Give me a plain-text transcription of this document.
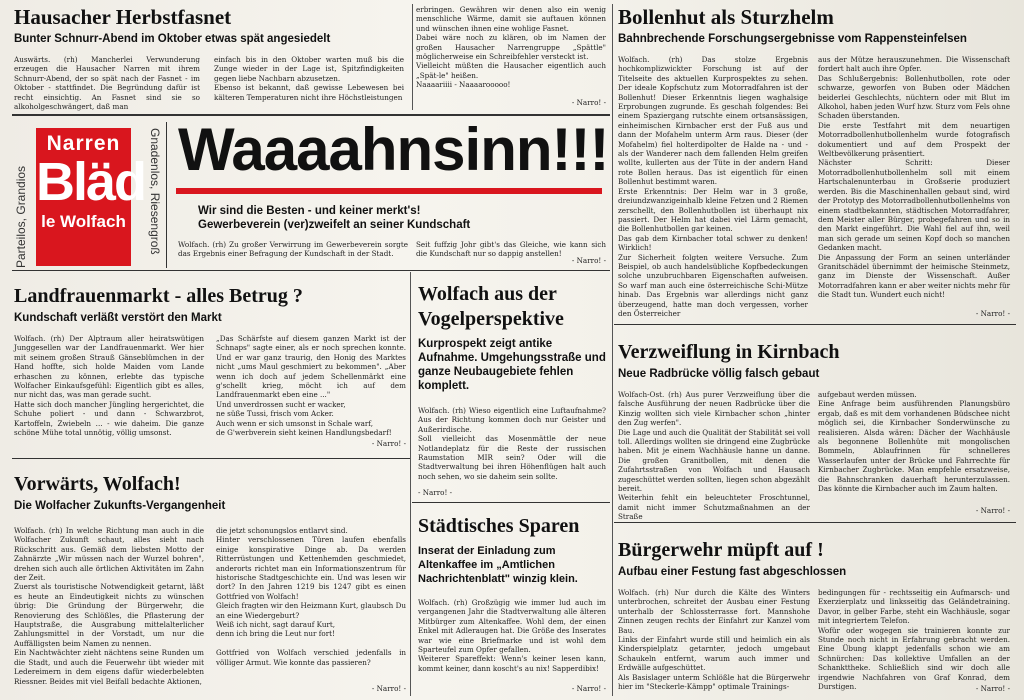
Hausacher Herbstfasnet
Bunter Schnurr-Abend im Oktober etwas spät angesiedelt

Auswärts. (rh) Mancherlei Verwunderung erzeugen die Hausacher Narren mit ihrem Schnurr-Abend, der so spät nach der Fasnet - im Oktober - stattfindet. Die Begründung dafür ist recht einsichtig. An Fasnet sind sie so alkoholgeschwängert, daß man

einfach bis in den Oktober warten muß bis die Zunge wieder in der Lage ist, Spitzfindigkeiten gegen liebe Nachbarn abzusetzen.
Ebenso ist bekannt, daß gewisse Lebewesen bei kälteren Temperaturen nicht ihre Höchstleistungen

erbringen. Gewähren wir denen also ein wenig menschliche Wärme, damit sie auftauen können und wünschen ihnen eine wohlige Fasnet.
Dabei wäre noch zu klären, ob im Namen der großen Hausacher Narrengruppe „Spättle" möglicherweise ein Schreibfehler versteckt ist.
Vielleicht müßten die Hausacher eigentlich auch „Spät-le" heißen.
Naaaariiii - Naaaarooooo!

- Narro! -
Parteilos, Grandios
Narren
Bläd
le Wolfach	Gnadenlos, Riesengroß Waaaahnsinn!!!
Wir sind die Besten - und keiner merkt's!
Gewerbeverein (ver)zweifelt an seiner Kundschaft

Wolfach. (rh) Zu großer Verwirrung im Gewerbeverein sorgte das Ergebnis einer Befragung der Kundschaft in der Stadt.

Seit fuffzig Johr gibt's das Gleiche, wie kann sich die Kundschaft nur so dappig anstellen!

- Narro! -
Landfrauenmarkt - alles Betrug ?
Kundschaft verläßt verstört den Markt

Wolfach. (rh) Der Alptraum aller heiratswütigen Junggesellen war der Landfrauenmarkt. Wer hier mit seinem großen Strauß Gänseblümchen in der Hand hoffte, sich holde Maiden vom Lande erhaschen zu können, erlebte das typische Wolfacher Einkaufsgefühl: Eigentlich gibt es alles, nur nicht das, was man gerade sucht.
Hatte sich doch mancher Jüngling hergerichtet, die Schuhe poliert - und dann - Schwarzbrot, Kartoffeln, Zwiebeln ... - wie daheim. Die ganze schöne Mühe total unnötig, völlig umsonst.

„Das Schärfste auf diesem ganzen Markt ist der Schnaps" sagte einer, als er noch sprechen konnte. Und er war ganz traurig, den Honig des Marktes nicht „ums Maul geschmiert zu bekommen". „Aber wenn ich doch auf jedem Schellenmärkt eine g'schellt krieg, möcht ich auf dem Landfrauenmarkt eben eine ..."
Und unverdrossen sucht er wacker,
ne süße Tussi, frisch vom Acker.
Auch wenn er sich umsonst in Schale warf,
de G'werbverein sieht keinen Handlungsbedarf!

- Narro! -
Vorwärts, Wolfach!
Die Wolfacher Zukunfts-Vergangenheit

Wolfach. (rh) In welche Richtung man auch in die Wolfacher Zukunft schaut, alles sieht nach Rückschritt aus. Gemäß dem liebsten Motto der Zahnärzte „Wir müssen nach der Wurzel bohren", drehen sich auch alle örtlichen Aktivitäten im Zahn der Zeit.
Zuerst als touristische Notwendigkeit getarnt, läßt es heute an Eindeutigkeit nichts zu wünschen übrig: Die Gründung der Bürgerwehr, die Renovierung des Schlößles, die Pflasterung der Hauptstraße, die Ausgrabung mittelalterlicher Zahlungsmittel in der Vorstadt, um nur die Auffälligsten beim Namen zu nennen.
Ein Nachtwächter zieht nächtens seine Runden um die Stadt, und auch die Feuerwehr übt wieder mit Ledereimern in dem eigens dafür wiederbelebten Riessner. Beides mit viel Beifall bedachte Aktionen,

die jetzt schonungslos entlarvt sind.
Hinter verschlossenen Türen laufen ebenfalls einige konspirative Dinge ab. Da werden Ritterrüstungen und Kettenhemden geschmiedet, anderorts richtet man ein Informationszentrum für historische Stadtgeschichte ein. Und was lesen wir dort? In den Jahren 1219 bis 1247 gibt es einen Gottfried von Wolfach!
Gleich fragten wir den Heizmann Kurt, glaubsch Du an eine Wiedergeburt?
Weiß ich nicht, sagt darauf Kurt,
denn ich bring die Leut nur fort!

Gottfried von Wolfach verschied jedenfalls in völliger Armut. Wie konnte das passieren?

- Narro! -
Wolfach aus der Vogelperspektive
Kurprospekt zeigt antike Aufnahme. Umgehungsstraße und ganze Neubaugebiete fehlen komplett.

Wolfach. (rh) Wieso eigentlich eine Luftaufnahme? Aus der Richtung kommen doch nur Geister und Außerirdische.
Soll vielleicht das Mosenmättle der neue Notlandeplatz für die Reste der russischen Raumstation MIR sein? Oder will die Stadtverwaltung bei ihren Höhenflügen halt auch noch sehen, wo sie daheim sein sollte.

- Narro! -
Städtisches Sparen
Inserat der Einladung zum Altenkaffee im „Amtlichen Nachrichtenblatt" winzig klein.

Wolfach. (rh) Großzügig wie immer lud auch im vergangenen Jahr die Stadtverwaltung alle älteren Mitbürger zum Altenkaffee. Wohl dem, der einen Enkel mit Adleraugen hat. Die Größe des Inserates war wie eine Briefmarke und ist wohl dem Sparteufel zum Opfer gefallen.
Weiterer Spareffekt: Wenn's keiner lesen kann, kommt keiner, dann koscht's au nix! Sapperdibix!

- Narro! -
Bollenhut als Sturzhelm
Bahnbrechende Forschungsergebnisse vom Rappensteinfelsen

Wolfach. (rh) Das stolze Ergebnis hochkomplizwickter Forschung ist auf der Titelseite des aktuellen Kurprospektes zu sehen. Der ideale Kopfschutz zum Motorradfahren ist der Bollenhut! Dieser Erkenntnis liegen waghalsige Erprobungen zugrunde. Es geschah folgendes: Bei einem Spaziergang rutschte einem ortsansässigen, einheimischen Kirnbacher erst der Fuß aus und dann der Mofahelm unterm Arm raus. Dieser (der Mofahelm) fiel holterdipolter de Halde na - und - als der Wanderer nach dem fallenden Helm greifen wollte, kullerten aus der Tüte in der andern Hand rote Bollen heraus. Das ist eigentlich für einen Bollenhut bestimmt waren.
Erste Erkenntnis: Der Helm war in 3 große, dreiundzwanzigeinhalb kleine Fetzen und 2 Riemen zerschellt, den Bollenhutbollen ist überhaupt nix passiert. Der Helm hat dabei viel Lärm gemacht, die Bollenhutbollen gar keinen.
Das gab dem Kirnbacher total schwer zu denken! Wirklich!
Zur Sicherheit folgten weitere Versuche. Zum Beispiel, ob auch handelsübliche Kopfbedeckungen solche unzubruchbaren Eigenschaften aufweisen. So warf man auch eine österreichische Schi-Mütze hinab. Das Ergebnis war allerdings nicht ganz überzeugend, hatte man doch vergessen, vorher den Österreicher

aus der Mütze herauszunehmen. Die Wissenschaft fordert halt auch ihre Opfer.
Das Schlußergebnis: Bollenhutbollen, rote oder schwarze, geworfen von Buben oder Mädchen beiderlei Geschlechts, nüchtern oder mit Blut im Alkohol, haben jeden Wurf hzw. Sturz vom Fels ohne Schaden überstanden.
Die erste Testfahrt mit dem neuartigen Motorradbollenhutbollenhelm wurde fotografisch dokumentiert und auf dem Prospekt der Weltbevölkerung präsentiert.
Nächster Schritt: Dieser Motorradbollenhutbollenhelm soll mit einem Hartschalenunterbau in Großserie produziert werden. Bis die Maschinenhallen gebaut sind, wird der Prototyp des Motorradbollenhutbollenhelms von einem stadtbekannten, städtischen Motorradfahrer, dem Meister aller Bürger, probegefahren und so in den Markt eingeführt. Die Wahl fiel auf ihn, weil man sich gerade um seinen Kopf doch so manchen Gedanken macht.
Die Anpassung der Form an seinen unterländer Granitschädel übernimmt der heimische Steinmetz, ganz im Dienste der Wissenschaft. Außer Motorradfahren kann er aber weiter nichts mehr für die Stadt tun. Wundert euch nicht!

- Narro! -
Verzweiflung in Kirnbach
Neue Radbrücke völlig falsch gebaut

Wolfach-Ost. (rh) Aus purer Verzweiflung über die falsche Ausführung der neuen Radbrücke über die Kinzig wollten sich viele Kirnbacher schon „hinter den Zug werfen".
Die Lage und auch die Qualität der Stabilität sei voll toll. Allerdings wollten sie dringend eine Zugbrücke haben. Mit je einem Wachhäusle hanne un danne. Die großen Granitbollen, mit denen die Zufahrtsstraßen von Wolfach und Hausach zugeschüttet werden sollten, liegen schon abgezählt bereit.
Weiterhin fehlt ein beleuchteter Froschtunnel, damit nicht immer Schutzmaßnahmen an der Straße

aufgebaut werden müssen.
Eine Anfrage beim ausführenden Planungsbüro ergab, daß es mit dem vorhandenen Büdschee nicht möglich sei, die Kirnbacher Sonderwünsche zu realisieren. Alsda wären: Dächer der Wachhäusle als begonnene Bollenhüte mit mongolischen Bommeln, Ablaufrinnen für schnelleres Wasserlaufen unter der Brücke und Fahrrechte für Kirnbacher Zugbrücke. Man empfehle ersatzweise, die Bahnschranken dauerhaft herunterzulassen. Das könnte die Kirnbacher auch im Zaum halten.

- Narro! -
Bürgerwehr müpft auf !
Aufbau einer Festung fast abgeschlossen

Wolfach. (rh) Nur durch die Kälte des Winters unterbrochen, schreitet der Ausbau einer Festung unterhalb der Schlossterrasse fort. Mannshohe Zinnen zeugen rechts der Einfahrt zur Kanzel vom Bau.
Links der Einfahrt wurde still und heimlich ein als Kinderspielplatz getarnter, jedoch umgebaut Schaukeln entfernt, warum auch immer und Erdwälle aufgeschüttet.
Als Basislager unterm Schlößle hat die Bürgerwehr hier im "Steckerle-Kämpp" optimale Trainings-

bedingungen für - rechtsseitig ein Aufmarsch- und Exerzierplatz und linksseitig das Geländetraining. Davor, in gelber Farbe, steht ein Wachhäusle, sogar mit integriertem Telefon.
Wofür oder wogegen sie trainieren konnte zur Stunde noch nicht in Erfahrung gebracht werden. Eine Übung klappt jedenfalls schon wie am Schnürchen: Das kollektive Umfallen an der Schankttheke. Schließlich sind wir doch alle irgendwie Nachfahren von Graf Konrad, dem Durstigen.	- Narro! -
